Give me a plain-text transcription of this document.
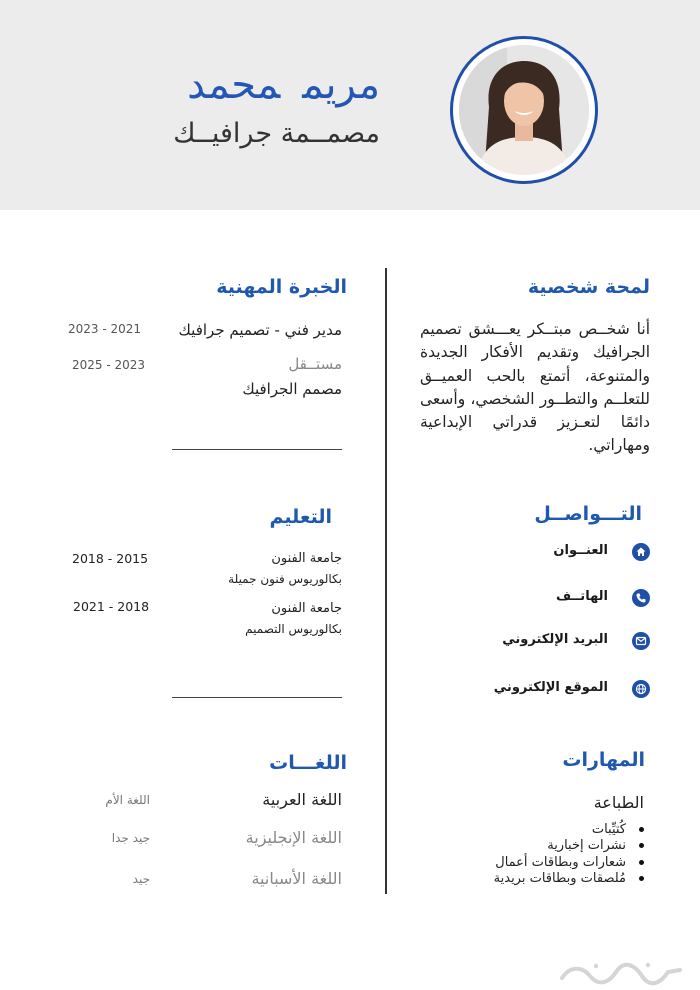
مريممحمد
مصمــمة جرافيــك
لمحة شخصية
أنا شخــص مبتــكر يعـــشق تصميم الجرافيك وتقديم الأفكار الجديدة والمتنوعة، أتمتع بالحب العميــق للتعلــم والتطــور الشخصي، وأسعى دائمًا لتعـزيز قدراتي الإبداعية ومهاراتي.
التـــواصــل
العنــوان
الهاتــف
البريد الإلكتروني
الموقع الإلكتروني
المهارات
الطباعة
كُتيِّبات
نشرات إخبارية
شعارات وبطاقات أعمال
مُلصقات وبطاقات بريدية
الخبرة المهنية
مدير فني - تصميم جرافيك
2023 - 2021
مستــقل
مصمم الجرافيك
2025 - 2023
التعليم
جامعة الفنون
بكالوريوس فنون جميلة
2018 - 2015
جامعة الفنون
بكالوريوس التصميم
2021 - 2018
اللغـــات
اللغة العربية
اللغة الأم
اللغة الإنجليزية
جيد جدا
اللغة الأسبانية
جيد
